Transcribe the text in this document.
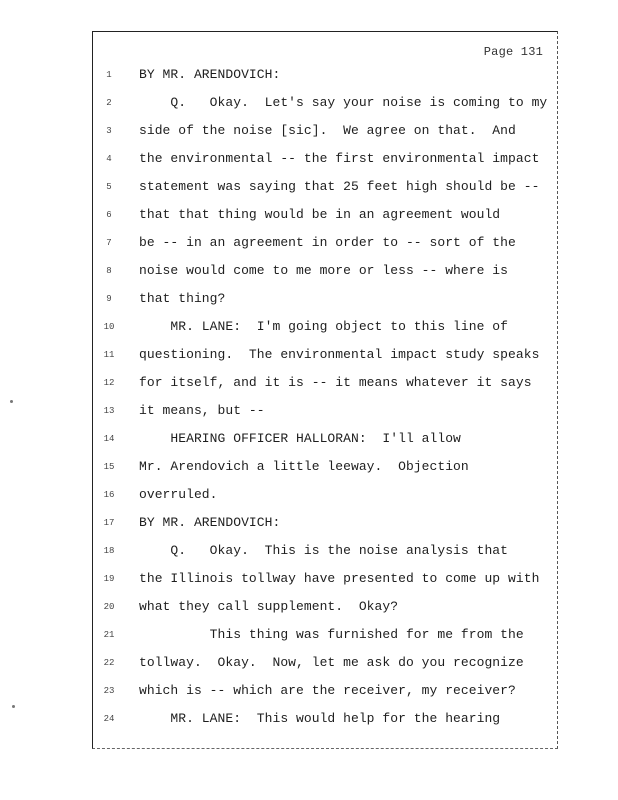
Page 131
1	BY MR. ARENDOVICH:
2	Q.   Okay.  Let's say your noise is coming to my
3	side of the noise [sic].  We agree on that.  And
4	the environmental -- the first environmental impact
5	statement was saying that 25 feet high should be --
6	that that thing would be in an agreement would
7	be -- in an agreement in order to -- sort of the
8	noise would come to me more or less -- where is
9	that thing?
10	MR. LANE:  I'm going object to this line of
11	questioning.  The environmental impact study speaks
12	for itself, and it is -- it means whatever it says
13	it means, but --
14	HEARING OFFICER HALLORAN:  I'll allow
15	Mr. Arendovich a little leeway.  Objection
16	overruled.
17	BY MR. ARENDOVICH:
18	Q.   Okay.  This is the noise analysis that
19	the Illinois tollway have presented to come up with
20	what they call supplement.  Okay?
21	This thing was furnished for me from the
22	tollway.  Okay.  Now, let me ask do you recognize
23	which is -- which are the receiver, my receiver?
24	MR. LANE:  This would help for the hearing
